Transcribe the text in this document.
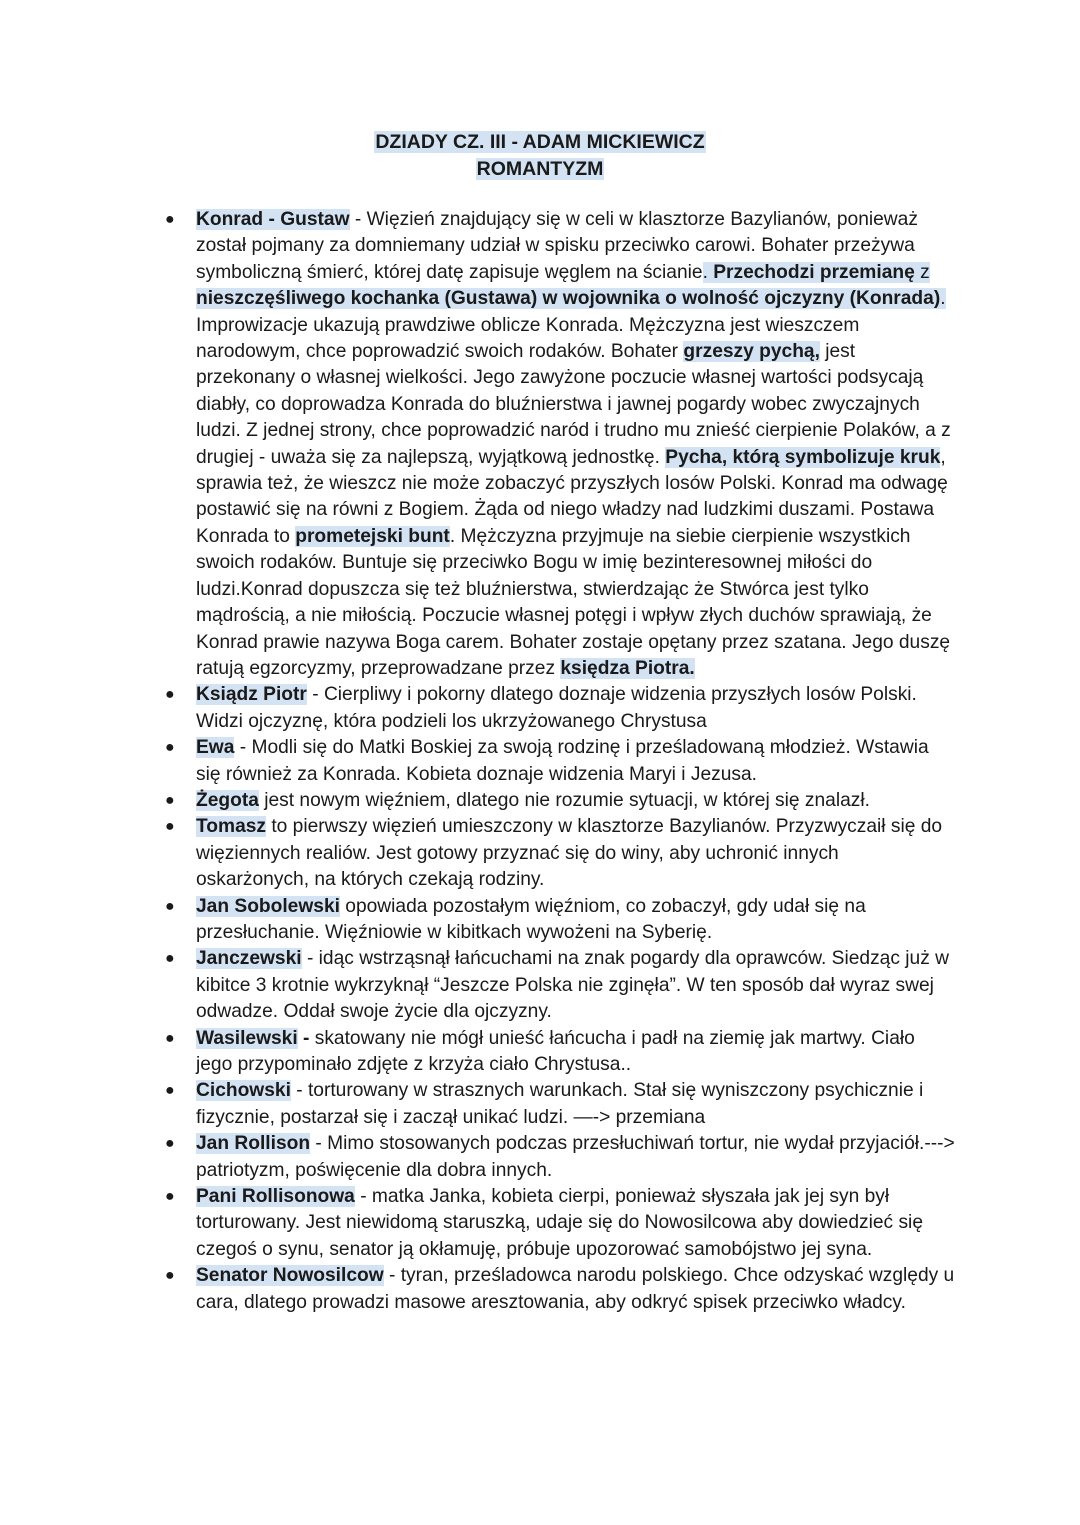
DZIADY CZ. III - ADAM MICKIEWICZ
ROMANTYZM
● Konrad - Gustaw - Więzień znajdujący się w celi w klasztorze Bazylianów, ponieważ został pojmany za domniemany udział w spisku przeciwko carowi. Bohater przeżywa symboliczną śmierć, której datę zapisuje węglem na ścianie. Przechodzi przemianę z nieszczęśliwego kochanka (Gustawa) w wojownika o wolność ojczyzny (Konrada). Improwizacje ukazują prawdziwe oblicze Konrada. Mężczyzna jest wieszczem narodowym, chce poprowadzić swoich rodaków. Bohater grzeszy pychą, jest przekonany o własnej wielkości. Jego zawyżone poczucie własnej wartości podsycają diabły, co doprowadza Konrada do bluźnierstwa i jawnej pogardy wobec zwyczajnych ludzi. Z jednej strony, chce poprowadzić naród i trudno mu znieść cierpienie Polaków, a z drugiej - uważa się za najlepszą, wyjątkową jednostkę. Pycha, którą symbolizuje kruk, sprawia też, że wieszcz nie może zobaczyć przyszłych losów Polski. Konrad ma odwagę postawić się na równi z Bogiem. Żąda od niego władzy nad ludzkimi duszami. Postawa Konrada to prometejski bunt. Mężczyzna przyjmuje na siebie cierpienie wszystkich swoich rodaków. Buntuje się przeciwko Bogu w imię bezinteresownej miłości do ludzi.Konrad dopuszcza się też bluźnierstwa, stwierdzając że Stwórca jest tylko mądrością, a nie miłością. Poczucie własnej potęgi i wpływ złych duchów sprawiają, że Konrad prawie nazywa Boga carem. Bohater zostaje opętany przez szatana. Jego duszę ratują egzorcyzmy, przeprowadzane przez księdza Piotra.
● Ksiądz Piotr - Cierpliwy i pokorny dlatego doznaje widzenia przyszłych losów Polski. Widzi ojczyznę, która podzieli los ukrzyżowanego Chrystusa
● Ewa - Modli się do Matki Boskiej za swoją rodzinę i prześladowaną młodzież. Wstawia się również za Konrada. Kobieta doznaje widzenia Maryi i Jezusa.
● Żegota jest nowym więźniem, dlatego nie rozumie sytuacji, w której się znalazł.
● Tomasz to pierwszy więzień umieszczony w klasztorze Bazylianów. Przyzwyczaił się do więziennych realiów. Jest gotowy przyznać się do winy, aby uchronić innych oskarżonych, na których czekają rodziny.
● Jan Sobolewski opowiada pozostałym więźniom, co zobaczył, gdy udał się na przesłuchanie. Więźniowie w kibitkach wywożeni na Syberię.
● Janczewski - idąc wstrząsnął łańcuchami na znak pogardy dla oprawców. Siedząc już w kibitce 3 krotnie wykrzyknął “Jeszcze Polska nie zginęła”. W ten sposób dał wyraz swej odwadze. Oddał swoje życie dla ojczyzny.
● Wasilewski - skatowany nie mógł unieść łańcucha i padł na ziemię jak martwy. Ciało jego przypominało zdjęte z krzyża ciało Chrystusa..
● Cichowski - torturowany w strasznych warunkach. Stał się wyniszczony psychicznie i fizycznie, postarzał się i zaczął unikać ludzi. —-> przemiana
● Jan Rollison - Mimo stosowanych podczas przesłuchiwań tortur, nie wydał przyjaciół.---> patriotyzm, poświęcenie dla dobra innych.
● Pani Rollisonowa - matka Janka, kobieta cierpi, ponieważ słyszała jak jej syn był torturowany. Jest niewidomą staruszką, udaje się do Nowosilcowa aby dowiedzieć się czegoś o synu, senator ją okłamuję, próbuje upozorować samobójstwo jej syna.
● Senator Nowosilcow - tyran, prześladowca narodu polskiego. Chce odzyskać względy u cara, dlatego prowadzi masowe aresztowania, aby odkryć spisek przeciwko władcy.
